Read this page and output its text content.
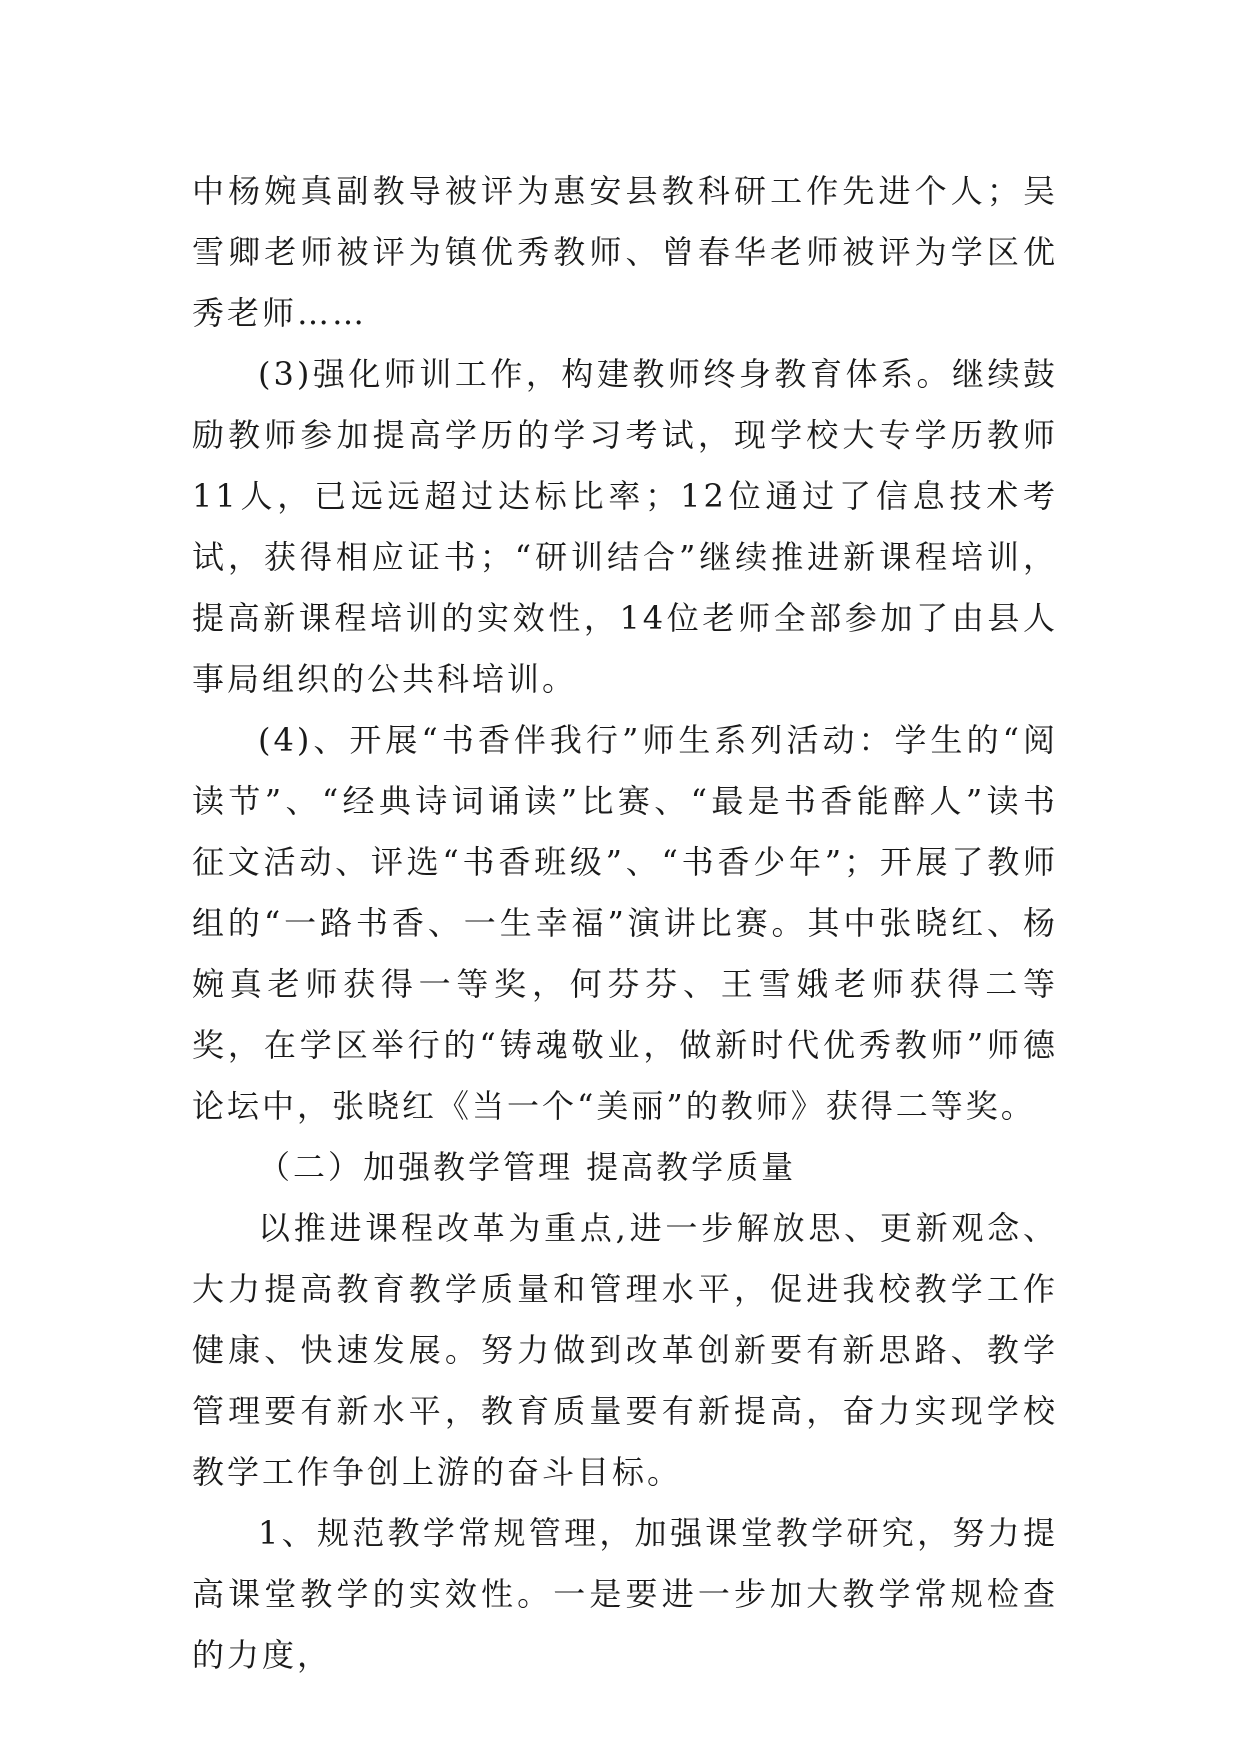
中杨婉真副教导被评为惠安县教科研工作先进个人；吴雪卿老师被评为镇优秀教师、曾春华老师被评为学区优秀老师……

(3)强化师训工作，构建教师终身教育体系。继续鼓励教师参加提高学历的学习考试，现学校大专学历教师11人，已远远超过达标比率；12位通过了信息技术考试，获得相应证书；“研训结合”继续推进新课程培训，提高新课程培训的实效性，14位老师全部参加了由县人事局组织的公共科培训。

(4)、开展“书香伴我行”师生系列活动：学生的“阅读节”、“经典诗词诵读”比赛、“最是书香能醉人”读书征文活动、评选“书香班级”、“书香少年”；开展了教师组的“一路书香、一生幸福”演讲比赛。其中张晓红、杨婉真老师获得一等奖，何芬芬、王雪娥老师获得二等奖，在学区举行的“铸魂敬业，做新时代优秀教师”师德论坛中，张晓红《当一个“美丽”的教师》获得二等奖。

（二）加强教学管理 提高教学质量

以推进课程改革为重点,进一步解放思、更新观念、大力提高教育教学质量和管理水平，促进我校教学工作健康、快速发展。努力做到改革创新要有新思路、教学管理要有新水平，教育质量要有新提高，奋力实现学校教学工作争创上游的奋斗目标。

1、规范教学常规管理，加强课堂教学研究，努力提高课堂教学的实效性。一是要进一步加大教学常规检查的力度，
